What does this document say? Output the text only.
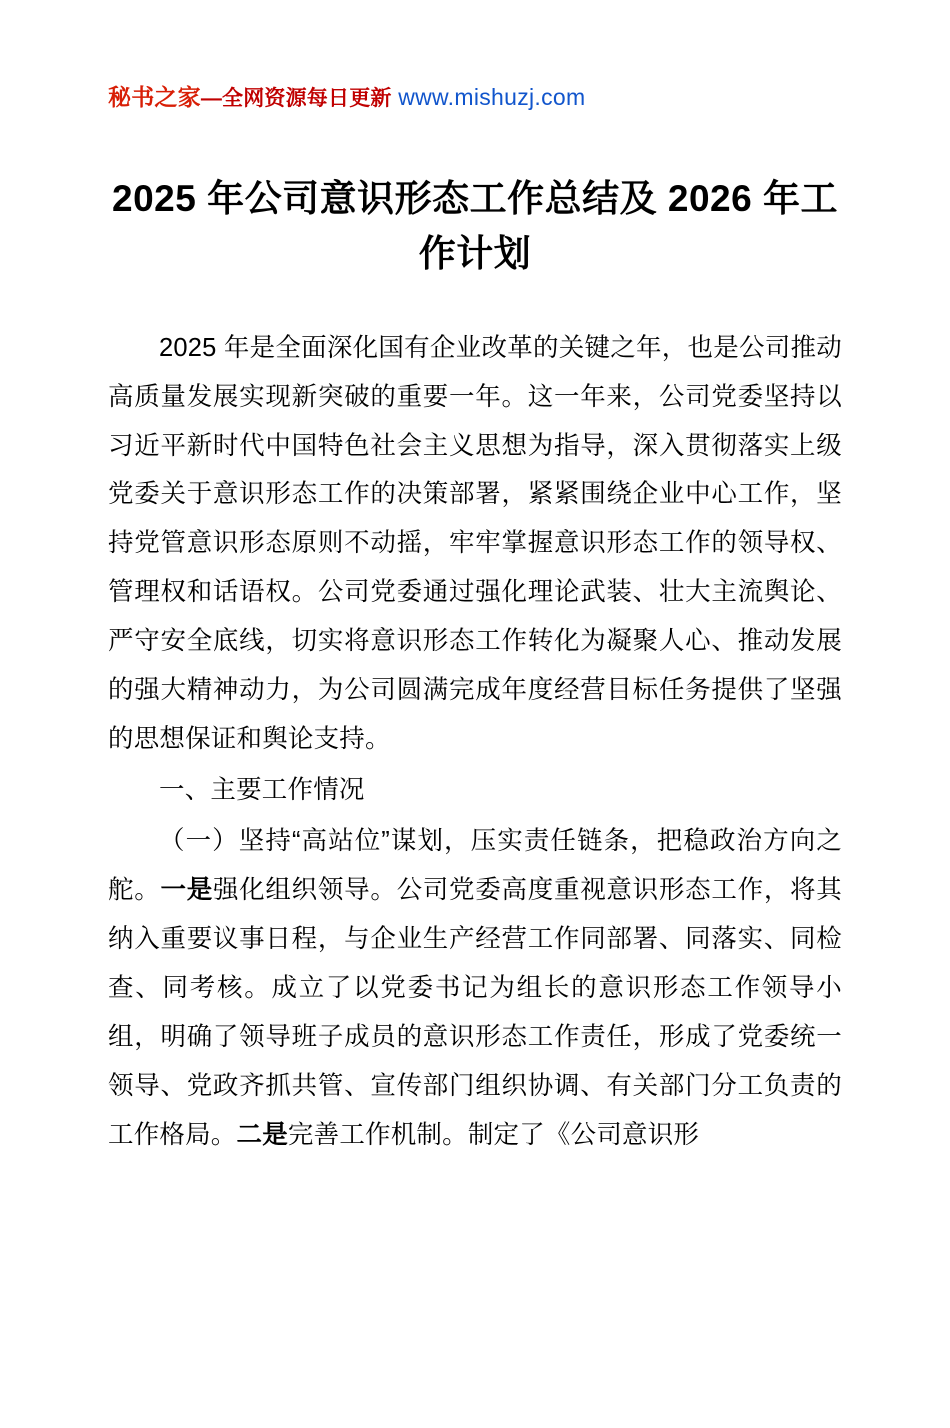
秘书之家—全网资源每日更新 www.mishuzj.com
2025 年公司意识形态工作总结及 2026 年工作计划

2025 年是全面深化国有企业改革的关键之年，也是公司推动高质量发展实现新突破的重要一年。这一年来，公司党委坚持以习近平新时代中国特色社会主义思想为指导，深入贯彻落实上级党委关于意识形态工作的决策部署，紧紧围绕企业中心工作，坚持党管意识形态原则不动摇，牢牢掌握意识形态工作的领导权、管理权和话语权。公司党委通过强化理论武装、壮大主流舆论、严守安全底线，切实将意识形态工作转化为凝聚人心、推动发展的强大精神动力，为公司圆满完成年度经营目标任务提供了坚强的思想保证和舆论支持。

一、主要工作情况

（一）坚持“高站位”谋划，压实责任链条，把稳政治方向之舵。一是强化组织领导。公司党委高度重视意识形态工作，将其纳入重要议事日程，与企业生产经营工作同部署、同落实、同检查、同考核。成立了以党委书记为组长的意识形态工作领导小组，明确了领导班子成员的意识形态工作责任，形成了党委统一领导、党政齐抓共管、宣传部门组织协调、有关部门分工负责的工作格局。二是完善工作机制。制定了《公司意识形
